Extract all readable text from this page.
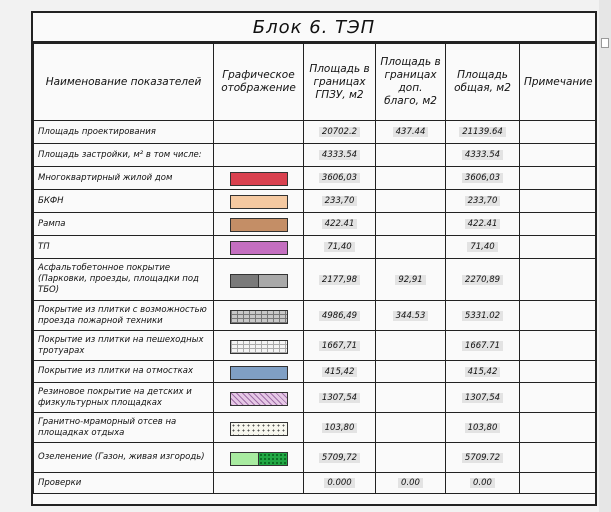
Блок 6. ТЭП
Наименование показателей	Графическое отображение	Площадь в границах ГПЗУ, м2	Площадь в границах доп. благо, м2	Площадь общая, м2	Примечание
Площадь проектирования		20702.2	437.44	21139.64	
Площадь застройки, м² в том числе:		4333.54		4333.54	
Многоквартирный жилой дом		3606,03		3606,03	
БКФН		233,70		233,70	
Рампа		422.41		422.41	
ТП		71,40		71,40	
Асфальтобетонное покрытие (Парковки, проезды, площадки под ТБО)		2177,98	92,91	2270,89	
Покрытие из плитки с возможностью проезда пожарной техники		4986,49	344.53	5331.02	
Покрытие из плитки на пешеходных тротуарах		1667,71		1667.71	
Покрытие из плитки на отмостках		415,42		415,42	
Резиновое покрытие на детских и физкультурных площадках		1307,54		1307,54	
Гранитно-мраморный отсев на площадках отдыха		103,80		103,80	
Озеленение (Газон, живая изгородь)		5709,72		5709.72	
Проверки		0.000	0.00	0.00	
